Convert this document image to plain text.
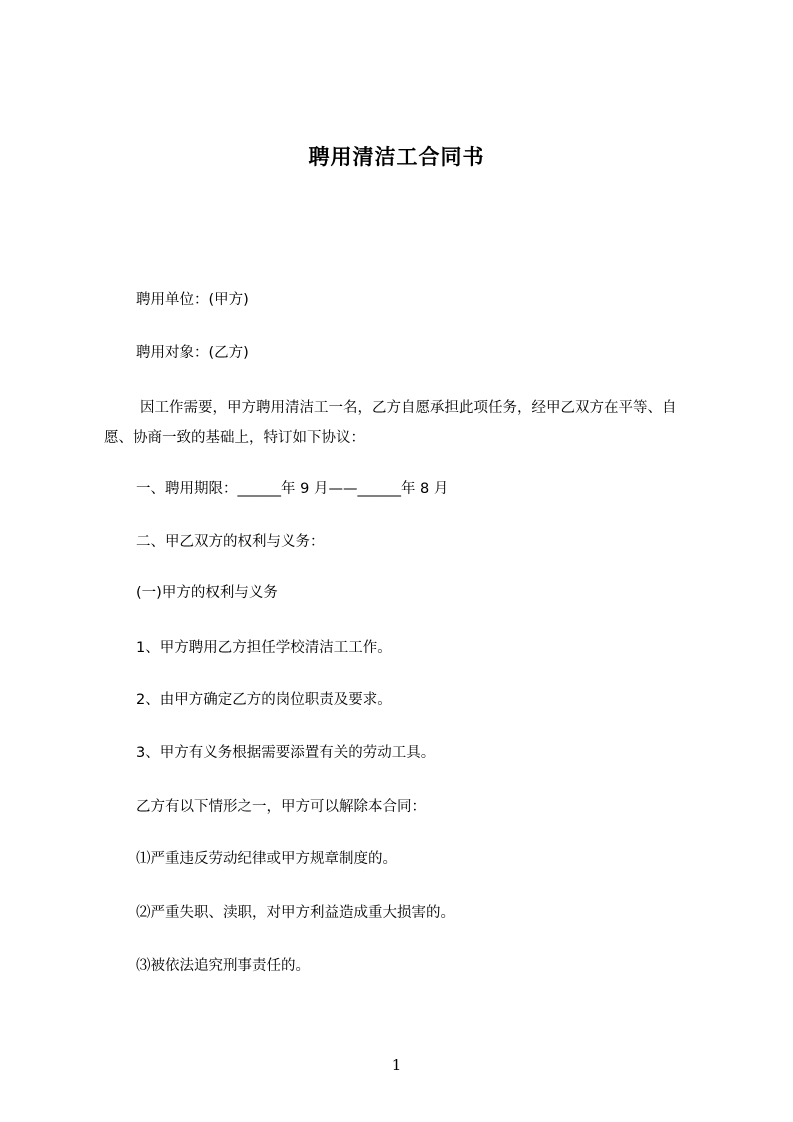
聘用清洁工合同书
聘用单位：(甲方)
聘用对象：(乙方)
因工作需要，甲方聘用清洁工一名，乙方自愿承担此项任务，经甲乙双方在平等、自愿、协商一致的基础上，特订如下协议：
一、聘用期限：______年 9 月——______年 8 月
二、甲乙双方的权利与义务：
(一)甲方的权利与义务
1、甲方聘用乙方担任学校清洁工工作。
2、由甲方确定乙方的岗位职责及要求。
3、甲方有义务根据需要添置有关的劳动工具。
乙方有以下情形之一，甲方可以解除本合同：
⑴严重违反劳动纪律或甲方规章制度的。
⑵严重失职、渎职，对甲方利益造成重大损害的。
⑶被依法追究刑事责任的。
1
